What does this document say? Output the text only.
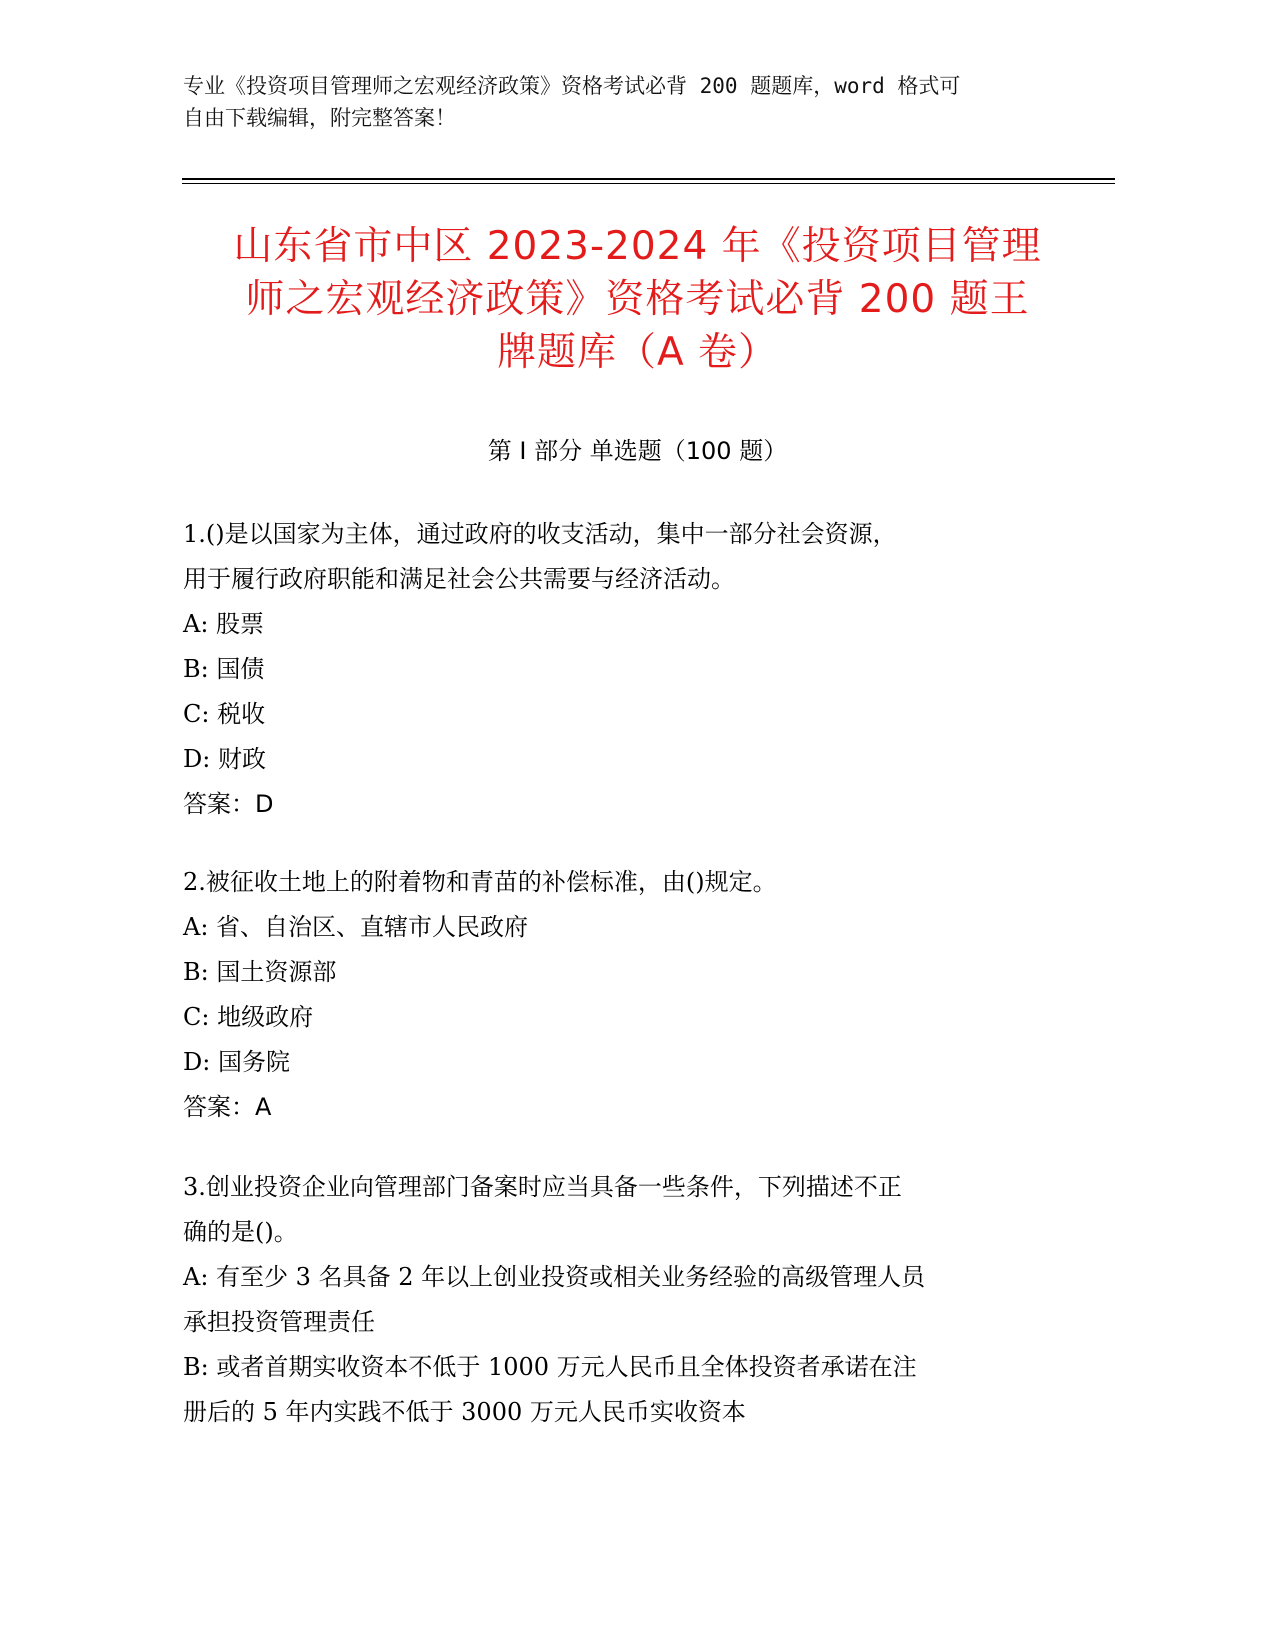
专业《投资项目管理师之宏观经济政策》资格考试必背 200 题题库，word 格式可
自由下载编辑，附完整答案！
山东省市中区 2023-2024 年《投资项目管理
师之宏观经济政策》资格考试必背 200 题王
牌题库（A 卷）
第 I 部分 单选题（100 题）
1.()是以国家为主体，通过政府的收支活动，集中一部分社会资源，
用于履行政府职能和满足社会公共需要与经济活动。
A: 股票
B: 国债
C: 税收
D: 财政
答案：D
2.被征收土地上的附着物和青苗的补偿标准，由()规定。
A: 省、自治区、直辖市人民政府
B: 国土资源部
C: 地级政府
D: 国务院
答案：A
3.创业投资企业向管理部门备案时应当具备一些条件，下列描述不正
确的是()。
A: 有至少 3 名具备 2 年以上创业投资或相关业务经验的高级管理人员
承担投资管理责任
B: 或者首期实收资本不低于 1000 万元人民币且全体投资者承诺在注
册后的 5 年内实践不低于 3000 万元人民币实收资本
